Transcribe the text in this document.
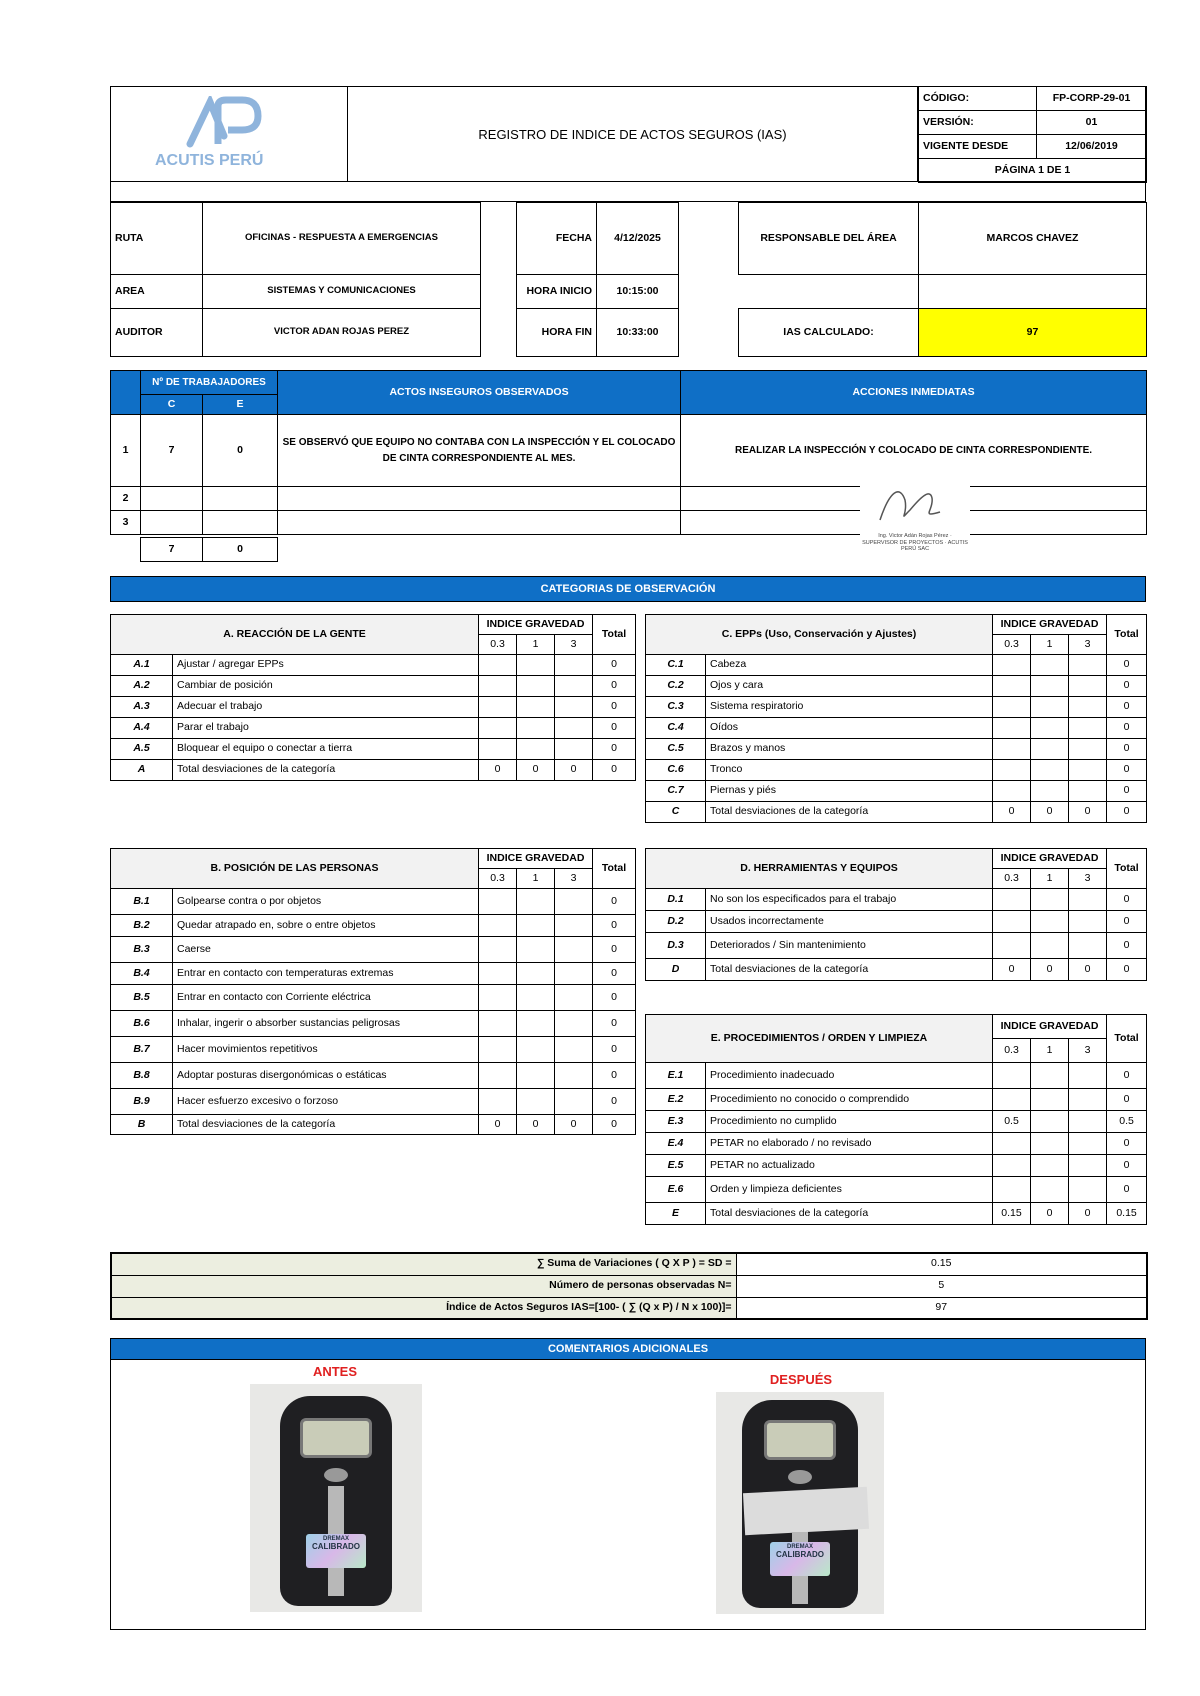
ACUTIS PERÚ
REGISTRO DE INDICE DE ACTOS SEGUROS (IAS)
CÓDIGO:	FP-CORP-29-01
VERSIÓN:	01
VIGENTE DESDE	12/06/2019
PÁGINA 1 DE 1	
RUTA	OFICINAS - RESPUESTA A EMERGENCIAS
AREA	SISTEMAS Y COMUNICACIONES
AUDITOR	VICTOR ADAN ROJAS PEREZ
FECHA	4/12/2025
HORA INICIO	10:15:00
HORA FIN	10:33:00
RESPONSABLE DEL ÁREA	MARCOS CHAVEZ

IAS CALCULADO:	97
	Nº DE TRABAJADORES		ACTOS INSEGUROS OBSERVADOS	ACCIONES INMEDIATAS
	C	E		
1	7	0	SE OBSERVÓ QUE EQUIPO NO CONTABA CON LA INSPECCIÓN Y EL COLOCADO DE CINTA CORRESPONDIENTE AL MES.	REALIZAR LA INSPECCIÓN Y COLOCADO DE CINTA CORRESPONDIENTE.
2				
3				
7	0
Ing. Victor Adán Rojas Pérez · SUPERVISOR DE PROYECTOS · ACUTIS PERÚ SAC
CATEGORIAS DE OBSERVACIÓN
A. REACCIÓN DE LA GENTE		INDICE GRAVEDAD			Total
		0.3	1	3	
A.1	Ajustar / agregar EPPs				0
A.2	Cambiar de posición				0
A.3	Adecuar el trabajo				0
A.4	Parar el trabajo				0
A.5	Bloquear el equipo o conectar a tierra				0
A	Total desviaciones de la categoría	0	0	0	0
C. EPPs (Uso, Conservación y Ajustes)		INDICE GRAVEDAD			Total
		0.3	1	3	
C.1	Cabeza				0
C.2	Ojos y cara				0
C.3	Sistema respiratorio				0
C.4	Oídos				0
C.5	Brazos y manos				0
C.6	Tronco				0
C.7	Piernas y piés				0
C	Total desviaciones de la categoría	0	0	0	0
B. POSICIÓN DE LAS PERSONAS		INDICE GRAVEDAD			Total
		0.3	1	3	
B.1	Golpearse contra o por objetos				0
B.2	Quedar atrapado en, sobre o entre objetos				0
B.3	Caerse				0
B.4	Entrar en contacto con temperaturas extremas				0
B.5	Entrar en contacto con Corriente eléctrica				0
B.6	Inhalar, ingerir o absorber sustancias peligrosas				0
B.7	Hacer movimientos repetitivos				0
B.8	Adoptar posturas disergonómicas o estáticas				0
B.9	Hacer esfuerzo excesivo o forzoso				0
B	Total desviaciones de la categoría	0	0	0	0
D. HERRAMIENTAS Y EQUIPOS		INDICE GRAVEDAD			Total
		0.3	1	3	
D.1	No son los especificados para el trabajo				0
D.2	Usados incorrectamente				0
D.3	Deteriorados / Sin mantenimiento				0
D	Total desviaciones de la categoría	0	0	0	0
E. PROCEDIMIENTOS / ORDEN Y LIMPIEZA		INDICE GRAVEDAD			Total
		0.3	1	3	
E.1	Procedimiento inadecuado				0
E.2	Procedimiento no conocido o comprendido				0
E.3	Procedimiento no cumplido	0.5			0.5
E.4	PETAR no elaborado / no revisado				0
E.5	PETAR no actualizado				0
E.6	Orden y limpieza deficientes				0
E	Total desviaciones de la categoría	0.15	0	0	0.15
∑ Suma de Variaciones ( Q X P ) = SD =	0.15
Número de personas observadas N=	5
Índice de Actos Seguros IAS=[100- ( ∑ (Q x P) / N x 100)]=	97
COMENTARIOS ADICIONALES
ANTES
DREMAX
CALIBRADO
DESPUÉS
DREMAX
CALIBRADO
